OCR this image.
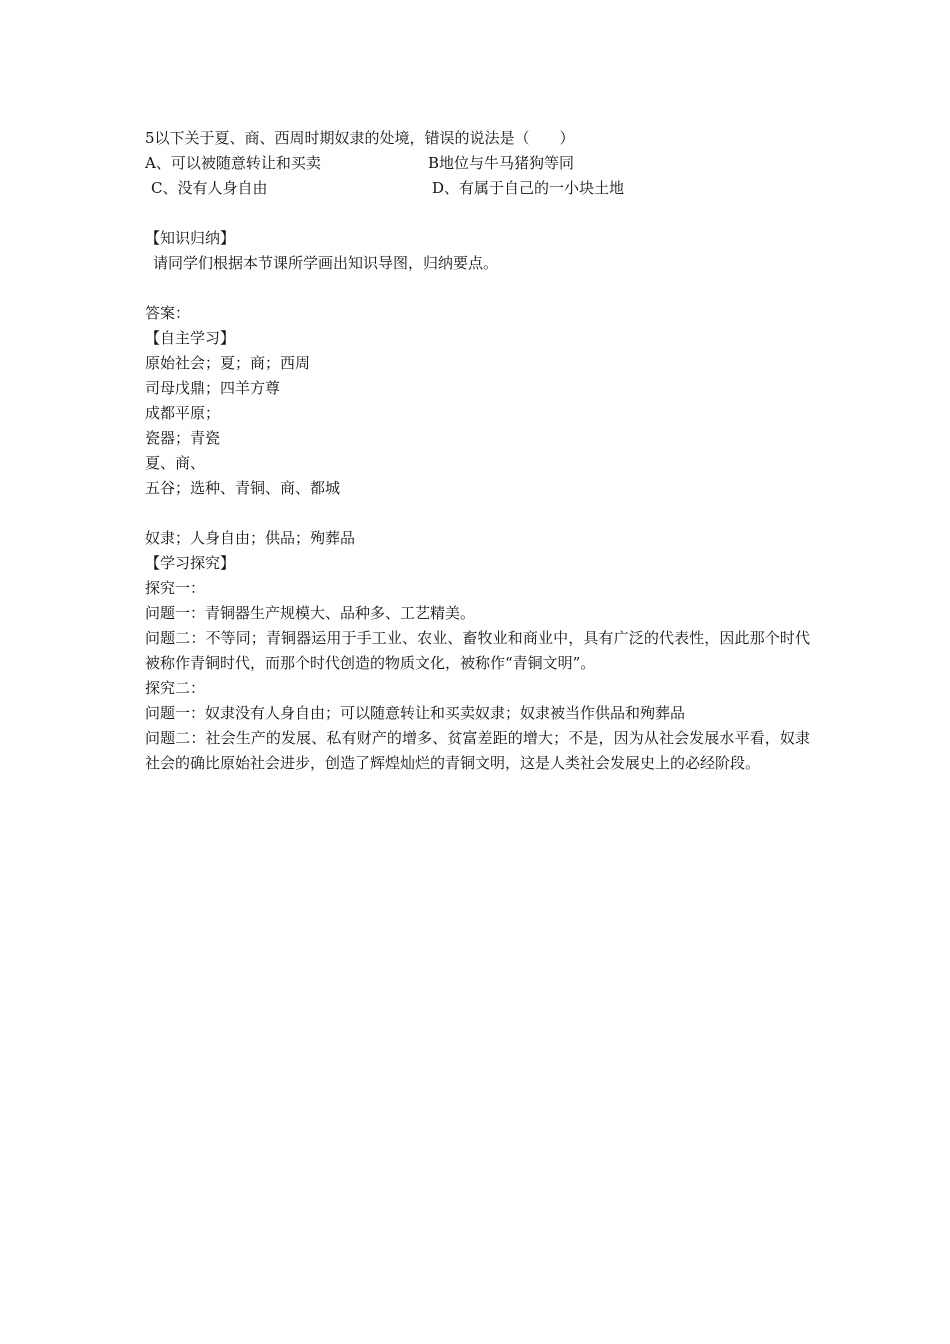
5以下关于夏、商、西周时期奴隶的处境，错误的说法是（　　）
A、可以被随意转让和买卖	B地位与牛马猪狗等同
C、没有人身自由	D、有属于自己的一小块土地
【知识归纳】
请同学们根据本节课所学画出知识导图，归纳要点。
答案：
【自主学习】
原始社会；夏；商；西周
司母戊鼎；四羊方尊
成都平原；
瓷器；青瓷
夏、商、
五谷；选种、青铜、商、都城
奴隶；人身自由；供品；殉葬品
【学习探究】
探究一：
问题一：青铜器生产规模大、品种多、工艺精美。
问题二：不等同；青铜器运用于手工业、农业、畜牧业和商业中，具有广泛的代表性，因此那个时代被称作青铜时代，而那个时代创造的物质文化，被称作“青铜文明”。
探究二：
问题一：奴隶没有人身自由；可以随意转让和买卖奴隶；奴隶被当作供品和殉葬品
问题二：社会生产的发展、私有财产的增多、贫富差距的增大；不是，因为从社会发展水平看，奴隶社会的确比原始社会进步，创造了辉煌灿烂的青铜文明，这是人类社会发展史上的必经阶段。
